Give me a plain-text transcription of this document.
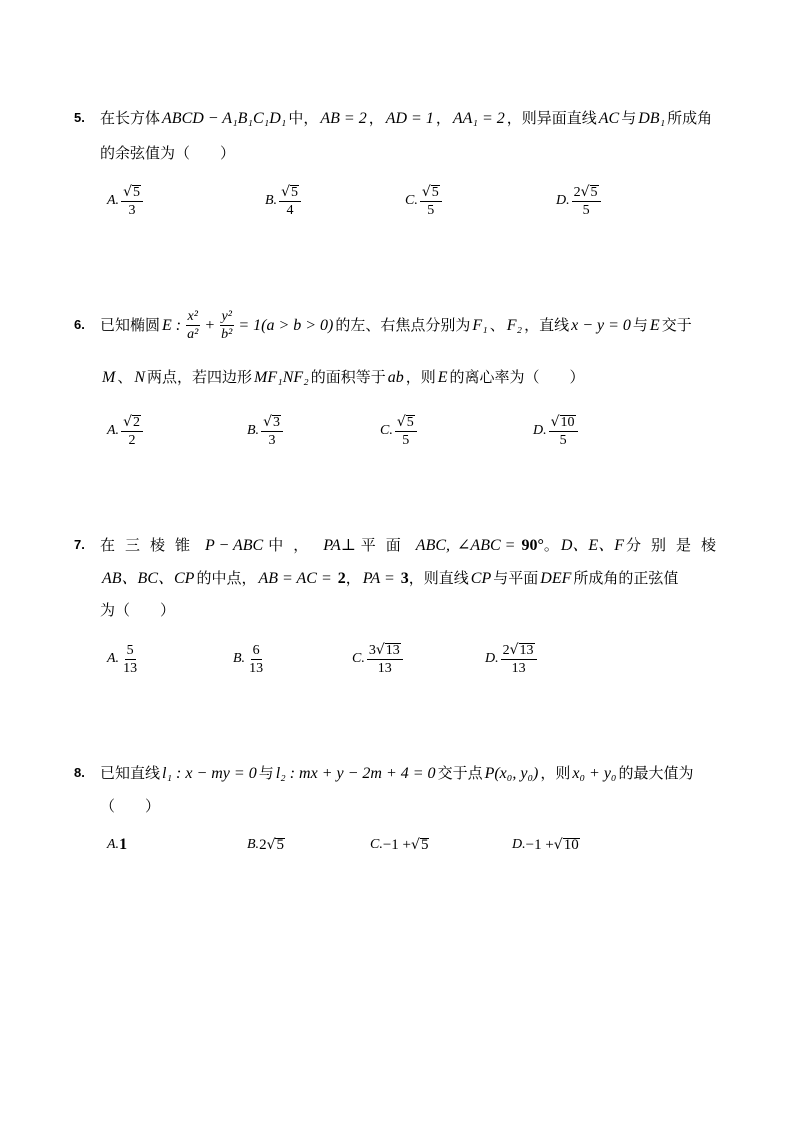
5. 在长方体 ABCD − A₁B₁C₁D₁ 中， AB = 2 ， AD = 1 ， AA₁ = 2 ，则异面直线 AC 与 DB₁ 所成角
的余弦值为（　　）
A. $\frac{√ 5}{3}$	B. $\frac{√ 5}{4}$	C. $\frac{√ 5}{5}$	D. $\frac{2 √ 5}{5}$
6. 已知椭圆 E : $\frac{\text{x²}}{\text{a²}} + \frac{\text{y²}}{\text{b²}} = 1(a > b > 0)$ 的左、右焦点分别为 F₁ 、 F₂ ，直线 x − y = 0 与 E 交于
M 、 N 两点，若四边形 MF₁NF₂ 的面积等于 ab ，则 E 的离心率为（　　）
A. $\frac{√ 2}{2}$	B. $\frac{√ 3}{3}$	C. $\frac{√ 5}{5}$	D. $\frac{√ 10}{5}$
7. 在三棱锥 P − ABC 中， PA⊥ 平面 ABC, ∠ABC = 90°。 D、E、F 分别是棱
AB、BC、CP 的中点， AB = AC = 2， PA = 3，则直线 CP 与平面 DEF 所成角的正弦值
为（　　）
A. $\frac{5}{13}$	B. $\frac{6}{13}$	C. $\frac{3 √ 13}{13}$	D. $\frac{2 √ 13}{13}$
8. 已知直线 l₁ : x − my = 0 与 l₂ : mx + y − 2m + 4 = 0 交于点 P(x₀, y₀) ，则 x₀ + y₀ 的最大值为
（　　）
A. 1	B. 2 √ 5	C. −1 + √ 5	D. −1 + √ 10
